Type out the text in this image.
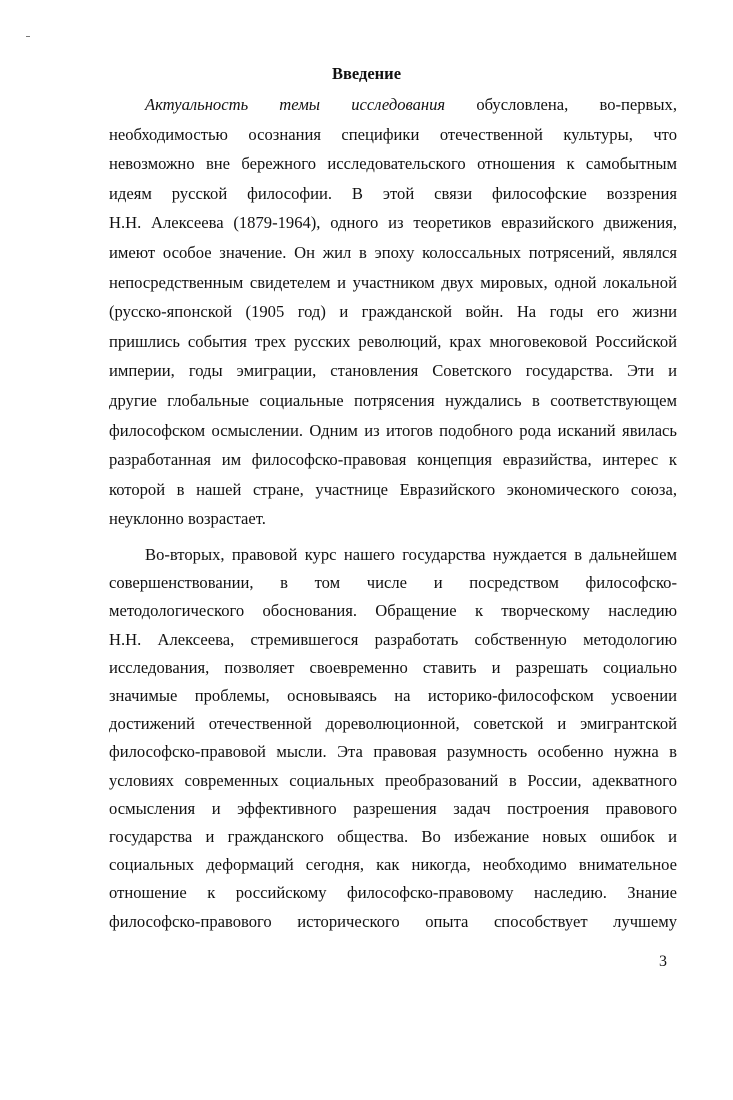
Введение
Актуальность темы исследования обусловлена, во-первых,
необходимостью осознания специфики отечественной культуры, что
невозможно вне бережного исследовательского отношения к самобытным
идеям русской философии. В этой связи философские воззрения
Н.Н. Алексеева (1879-1964), одного из теоретиков евразийского движения,
имеют особое значение. Он жил в эпоху колоссальных потрясений, являлся
непосредственным свидетелем и участником двух мировых, одной локальной
(русско-японской (1905 год) и гражданской войн. На годы его жизни
пришлись события трех русских революций, крах многовековой Российской
империи, годы эмиграции, становления Советского государства. Эти и
другие глобальные социальные потрясения нуждались в соответствующем
философском осмыслении. Одним из итогов подобного рода исканий явилась
разработанная им философско-правовая концепция евразийства, интерес к
которой в нашей стране, участнице Евразийского экономического союза,
неуклонно возрастает.
Во-вторых, правовой курс нашего государства нуждается в дальнейшем
совершенствовании, в том числе и посредством философско-
методологического обоснования. Обращение к творческому наследию
Н.Н. Алексеева, стремившегося разработать собственную методологию
исследования, позволяет своевременно ставить и разрешать социально
значимые проблемы, основываясь на историко-философском усвоении
достижений отечественной дореволюционной, советской и эмигрантской
философско-правовой мысли. Эта правовая разумность особенно нужна в
условиях современных социальных преобразований в России, адекватного
осмысления и эффективного разрешения задач построения правового
государства и гражданского общества. Во избежание новых ошибок и
социальных деформаций сегодня, как никогда, необходимо внимательное
отношение к российскому философско-правовому наследию. Знание
философско-правового исторического опыта способствует лучшему
3
